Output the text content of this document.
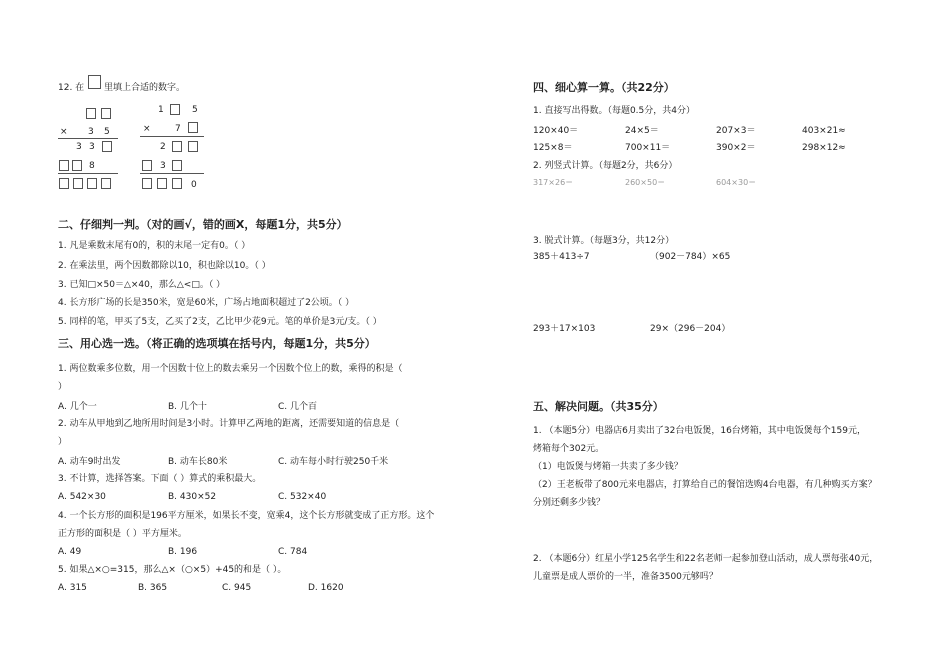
12. 在 里填上合适的数字。
× 3 5
3 3
8
1	5
×	7
2
3
0
二、仔细判一判。（对的画√，错的画X，每题1分，共5分）
1. 凡是乘数末尾有0的，积的末尾一定有0。（ ）
2. 在乘法里，两个因数都除以10，积也除以10。（ ）
3. 已知□×50＝△×40，那么△<□。（ ）
4. 长方形广场的长是350米，宽是60米，广场占地面积超过了2公顷。（ ）
5. 同样的笔，甲买了5支，乙买了2支，乙比甲少花9元。笔的单价是3元/支。（ ）
三、用心选一选。（将正确的选项填在括号内，每题1分，共5分）
1. 两位数乘多位数，用一个因数十位上的数去乘另一个因数个位上的数，乘得的积是（
）
A. 几个一	B. 几个十	C. 几个百
2. 动车从甲地到乙地所用时间是3小时。计算甲乙两地的距离，还需要知道的信息是（
）
A. 动车9时出发	B. 动车长80米	C. 动车每小时行驶250千米
3. 不计算，选择答案。下面（ ）算式的乘积最大。
A. 542×30	B. 430×52	C. 532×40
4. 一个长方形的面积是196平方厘米，如果长不变，宽乘4，这个长方形就变成了正方形。这个
正方形的面积是（ ）平方厘米。
A. 49	B. 196	C. 784
5. 如果△×○=315，那么△×（○×5）+45的和是（ ）。
A. 315	B. 365	C. 945	D. 1620
四、细心算一算。（共22分）
1. 直接写出得数。（每题0.5分，共4分）
120×40＝	24×5＝	207×3＝	403×21≈
125×8＝	700×11＝	390×2＝	298×12≈
2. 列竖式计算。（每题2分，共6分）
317×26＝	260×50＝	604×30＝
3. 脱式计算。（每题3分，共12分）
385＋413÷7	（902－784）×65
293＋17×103	29×（296－204）
五、解决问题。（共35分）
1. （本题5分）电器店6月卖出了32台电饭煲，16台烤箱，其中电饭煲每个159元，
烤箱每个302元。
（1）电饭煲与烤箱一共卖了多少钱？
（2）王老板带了800元来电器店，打算给自己的餐馆选购4台电器，有几种购买方案？
分别还剩多少钱？
2. （本题6分）红星小学125名学生和22名老师一起参加登山活动，成人票每张40元，
儿童票是成人票价的一半，准备3500元够吗？
